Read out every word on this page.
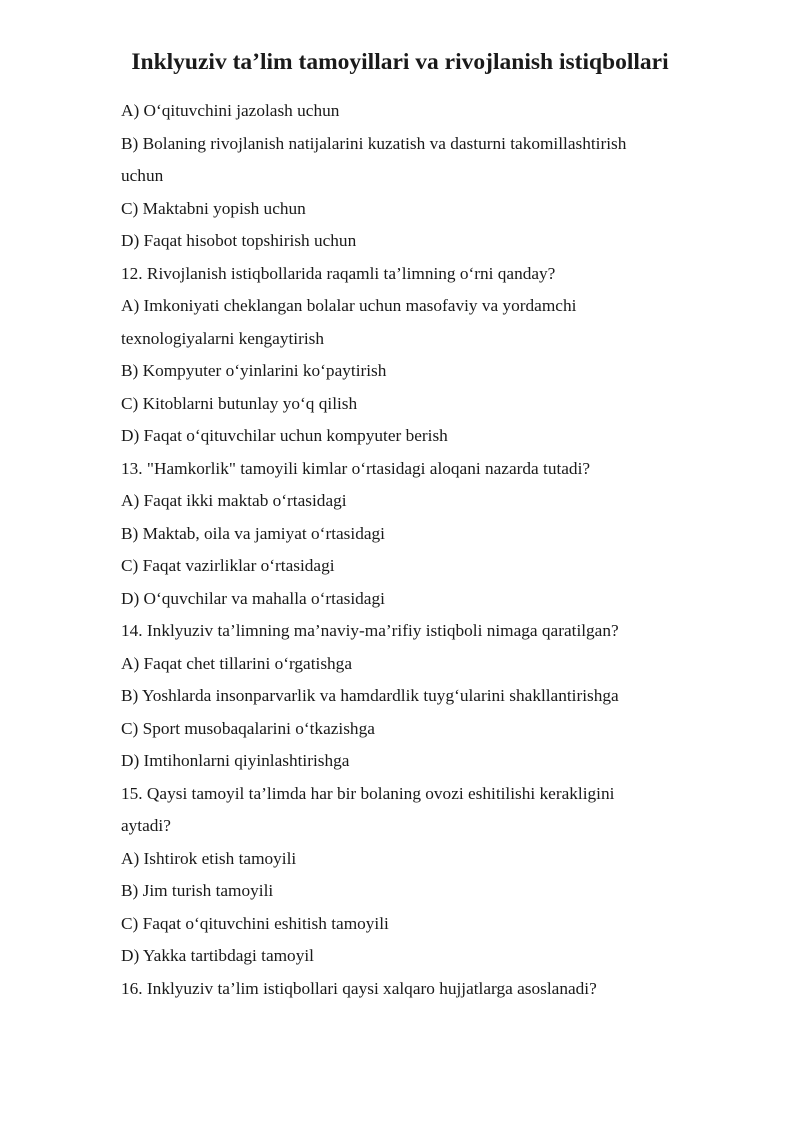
Inklyuziv ta’lim tamoyillari va rivojlanish istiqbollari
A) O‘qituvchini jazolash uchun
B) Bolaning rivojlanish natijalarini kuzatish va dasturni takomillashtirish
uchun
C) Maktabni yopish uchun
D) Faqat hisobot topshirish uchun
12. Rivojlanish istiqbollarida raqamli ta’limning o‘rni qanday?
A) Imkoniyati cheklangan bolalar uchun masofaviy va yordamchi
texnologiyalarni kengaytirish
B) Kompyuter o‘yinlarini ko‘paytirish
C) Kitoblarni butunlay yo‘q qilish
D) Faqat o‘qituvchilar uchun kompyuter berish
13. "Hamkorlik" tamoyili kimlar o‘rtasidagi aloqani nazarda tutadi?
A) Faqat ikki maktab o‘rtasidagi
B) Maktab, oila va jamiyat o‘rtasidagi
C) Faqat vazirliklar o‘rtasidagi
D) O‘quvchilar va mahalla o‘rtasidagi
14. Inklyuziv ta’limning ma’naviy-ma’rifiy istiqboli nimaga qaratilgan?
A) Faqat chet tillarini o‘rgatishga
B) Yoshlarda insonparvarlik va hamdardlik tuyg‘ularini shakllantirishga
C) Sport musobaqalarini o‘tkazishga
D) Imtihonlarni qiyinlashtirishga
15. Qaysi tamoyil ta’limda har bir bolaning ovozi eshitilishi kerakligini
aytadi?
A) Ishtirok etish tamoyili
B) Jim turish tamoyili
C) Faqat o‘qituvchini eshitish tamoyili
D) Yakka tartibdagi tamoyil
16. Inklyuziv ta’lim istiqbollari qaysi xalqaro hujjatlarga asoslanadi?
